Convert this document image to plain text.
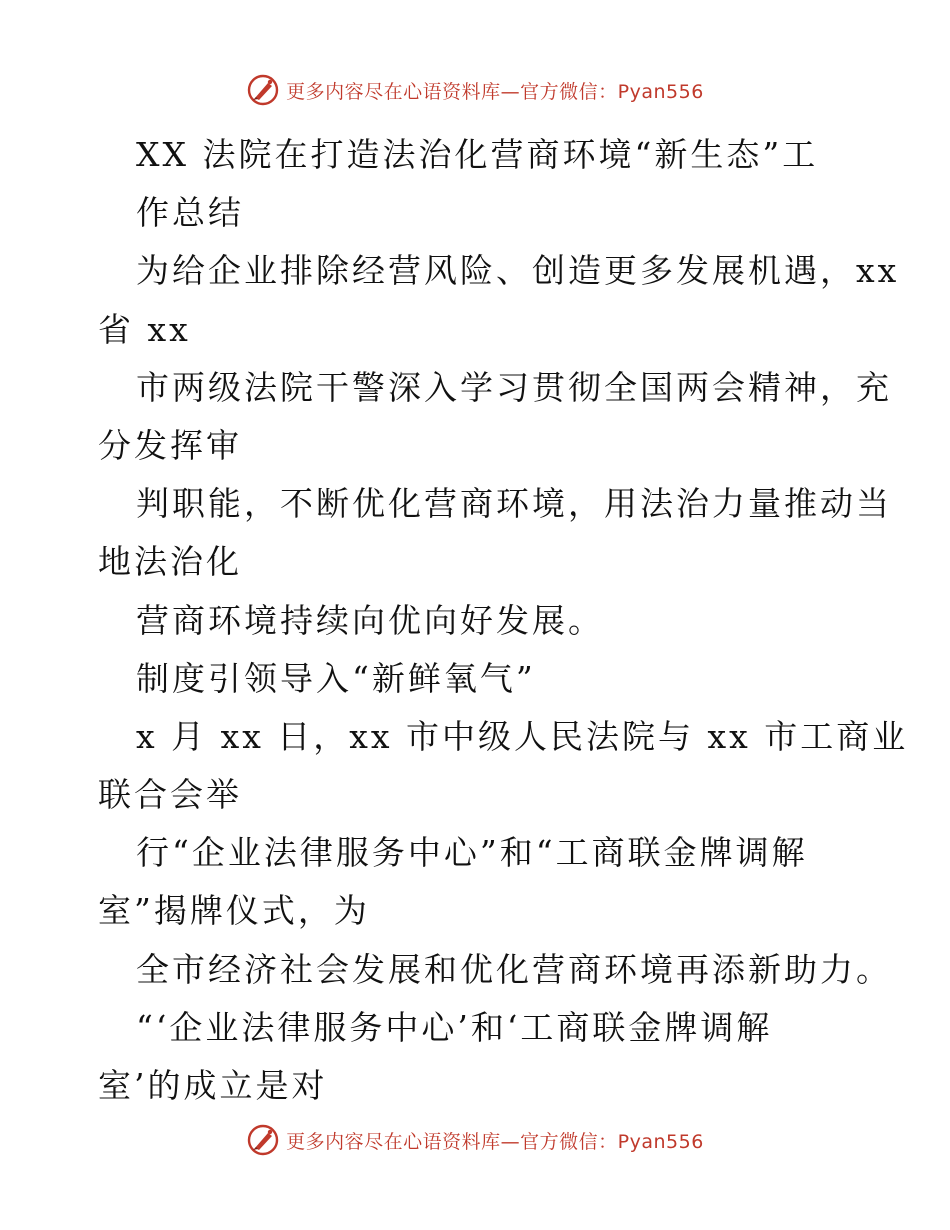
更多内容尽在心语资料库—官方微信：Pyan556
XX 法院在打造法治化营商环境“新生态”工
作总结
为给企业排除经营风险、创造更多发展机遇，xx
省 xx
市两级法院干警深入学习贯彻全国两会精神，充
分发挥审
判职能，不断优化营商环境，用法治力量推动当
地法治化
营商环境持续向优向好发展。
制度引领导入“新鲜氧气”
x 月 xx 日，xx 市中级人民法院与 xx 市工商业
联合会举
行“企业法律服务中心”和“工商联金牌调解
室”揭牌仪式，为
全市经济社会发展和优化营商环境再添新助力。
“‘企业法律服务中心’和‘工商联金牌调解
室’的成立是对
更多内容尽在心语资料库—官方微信：Pyan556
